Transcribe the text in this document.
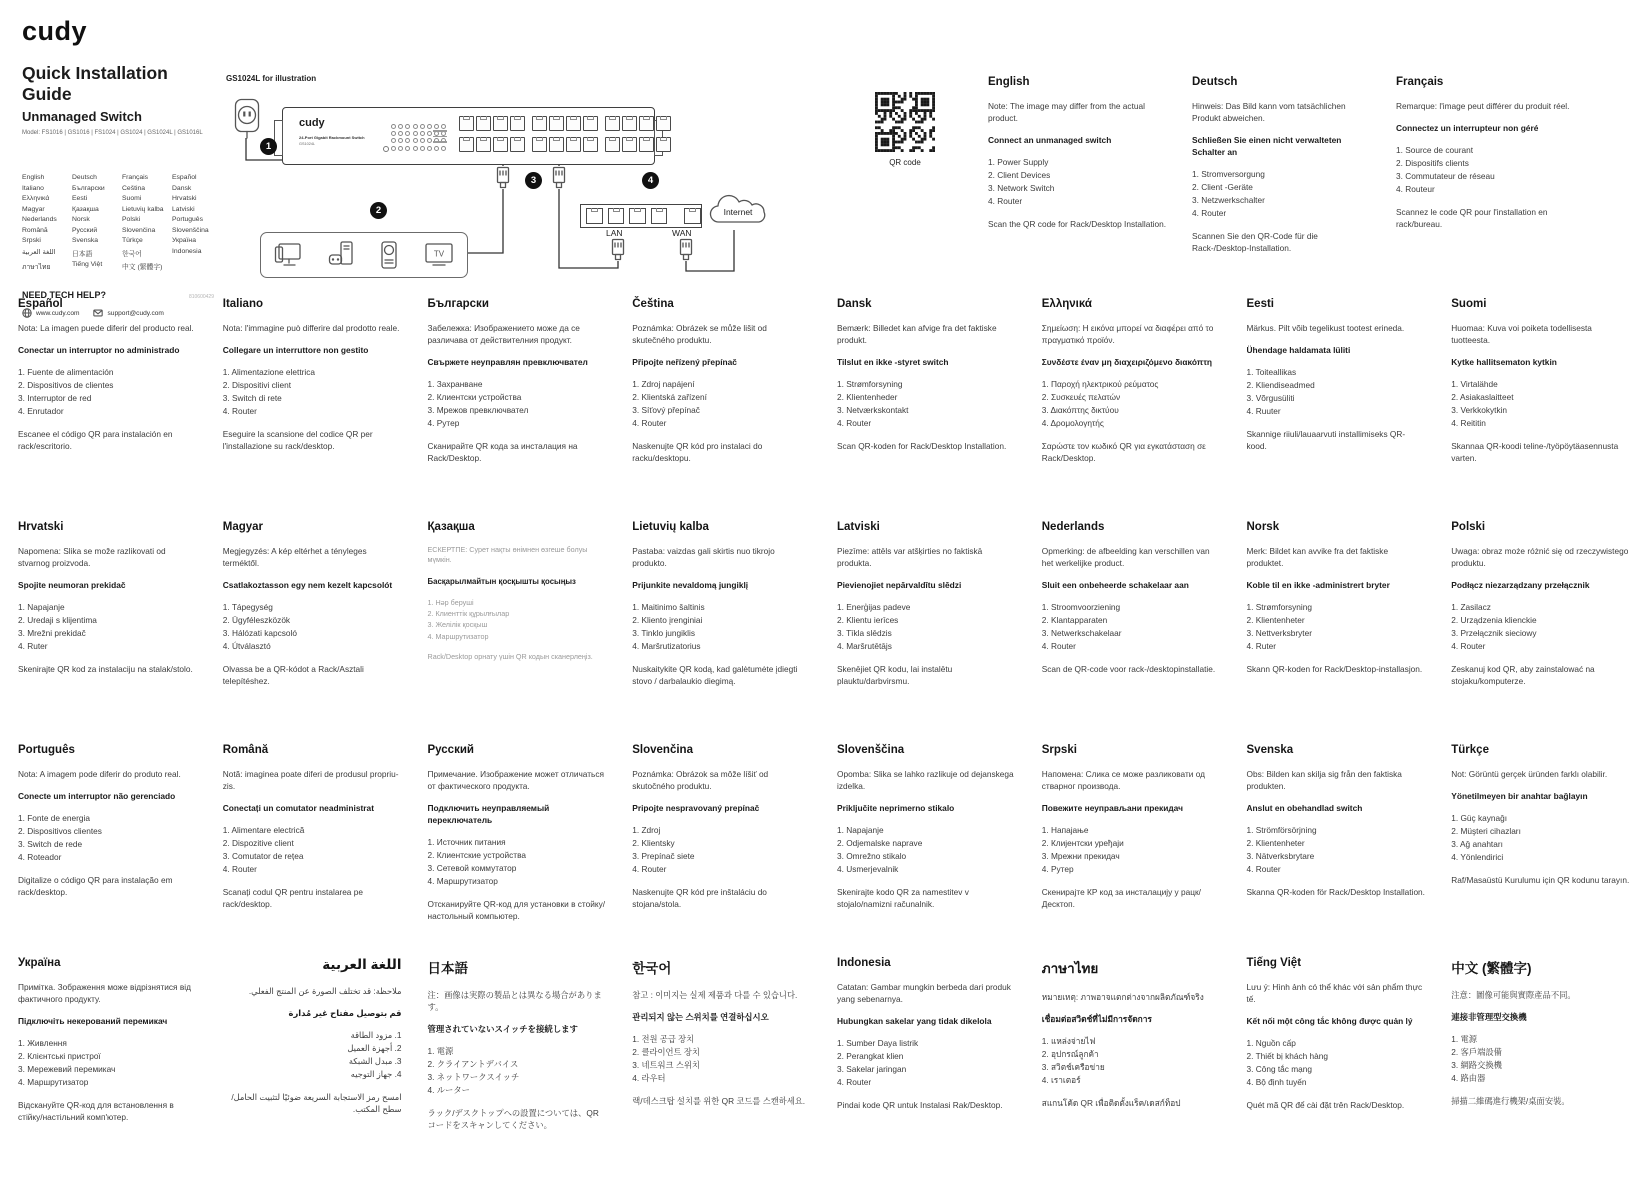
cudy
Quick Installation Guide
Unmanaged Switch
Model: FS1016 | GS1016 | FS1024 | GS1024 | GS1024L | GS1016L
English	Deutsch	Français	Español
Italiano	Български	Čeština	Dansk
Ελληνικά	Eesti	Suomi	Hrvatski
Magyar	Қазақша	Lietuvių kalba	Latviski
Nederlands	Norsk	Polski	Português
Română	Русский	Slovenčina	Slovenščina
Srpski	Svenska	Türkçe	Україна
اللغة العربية	日本語	한국어	Indonesia
ภาษาไทย	Tiếng Việt	中文 (繁體字)
NEED TECH HELP?	810600429
www.cudy.com	support@cudy.com
GS1024L for illustration
cudy
24-Port Gigabit Rackmount Switch
GS1024L
1
2
3	4
TV
LAN	WAN
Internet
QR code
English

Note: The image may differ from the actual product.

Connect an unmanaged switch

1. Power Supply
2. Client Devices
3. Network Switch
4. Router

Scan the QR code for Rack/Desktop Installation.

Deutsch

Hinweis: Das Bild kann vom tatsächlichen Produkt abweichen.

Schließen Sie einen nicht verwalteten Schalter an

1. Stromversorgung
2. Client -Geräte
3. Netzwerkschalter
4. Router

Scannen Sie den QR-Code für die Rack-/Desktop-Installation.

Français

Remarque: l'image peut différer du produit réel.

Connectez un interrupteur non géré

1. Source de courant
2. Dispositifs clients
3. Commutateur de réseau
4. Routeur

Scannez le code QR pour l'installation en rack/bureau.

Español

Nota: La imagen puede diferir del producto real.

Conectar un interruptor no administrado

1. Fuente de alimentación
2. Dispositivos de clientes
3. Interruptor de red
4. Enrutador

Escanee el código QR para instalación en rack/escritorio.

Italiano

Nota: l'immagine può differire dal prodotto reale.

Collegare un interruttore non gestito

1. Alimentazione elettrica
2. Dispositivi client
3. Switch di rete
4. Router

Eseguire la scansione del codice QR per l'installazione su rack/desktop.

Български

Забележка: Изображението може да се различава от действителния продукт.

Свържете неуправлян превключвател

1. Захранване
2. Клиентски устройства
3. Мрежов превключвател
4. Рутер

Сканирайте QR кода за инсталация на Rack/Desktop.

Čeština

Poznámka: Obrázek se může lišit od skutečného produktu.

Připojte neřízený přepínač

1. Zdroj napájení
2. Klientská zařízení
3. Síťový přepínač
4. Router

Naskenujte QR kód pro instalaci do racku/desktopu.

Dansk

Bemærk: Billedet kan afvige fra det faktiske produkt.

Tilslut en ikke -styret switch

1. Strømforsyning
2. Klientenheder
3. Netværkskontakt
4. Router

Scan QR-koden for Rack/Desktop Installation.

Ελληνικά

Σημείωση: Η εικόνα μπορεί να διαφέρει από το πραγματικό προϊόν.

Συνδέστε έναν μη διαχειριζόμενο διακόπτη

1. Παροχή ηλεκτρικού ρεύματος
2. Συσκευές πελατών
3. Διακόπτης δικτύου
4. Δρομολογητής

Σαρώστε τον κωδικό QR για εγκατάσταση σε Rack/Desktop.

Eesti

Märkus. Pilt võib tegelikust tootest erineda.

Ühendage haldamata lüliti

1. Toiteallikas
2. Kliendiseadmed
3. Võrgusüliti
4. Ruuter

Skannige riiuli/lauaarvuti installimiseks QR-kood.

Suomi

Huomaa: Kuva voi poiketa todellisesta tuotteesta.

Kytke hallitsematon kytkin

1. Virtalähde
2. Asiakaslaitteet
3. Verkkokytkin
4. Reititin

Skannaa QR-koodi teline-/työpöytäasennusta varten.

Hrvatski

Napomena: Slika se može razlikovati od stvarnog proizvoda.

Spojite neumoran prekidač

1. Napajanje
2. Uredaji s klijentima
3. Mrežni prekidač
4. Ruter

Skenirajte QR kod za instalaciju na stalak/stolo.

Magyar

Megjegyzés: A kép eltérhet a tényleges terméktől.

Csatlakoztasson egy nem kezelt kapcsolót

1. Tápegység
2. Ügyféleszközök
3. Hálózati kapcsoló
4. Útválasztó

Olvassa be a QR-kódot a Rack/Asztali telepítéshez.

Қазақша

ЕСКЕРТПЕ: Сурет нақты өнімнен өзгеше болуы мүмкін.

Басқарылмайтын қосқышты қосыңыз

1. Нәр беруші
2. Клиенттік құрылғылар
3. Желілік қосқыш
4. Маршрутизатор

Rack/Desktop орнату үшін QR кодын сканерлеңіз.

Lietuvių kalba

Pastaba: vaizdas gali skirtis nuo tikrojo produkto.

Prijunkite nevaldomą jungiklį

1. Maitinimo šaltinis
2. Kliento įrenginiai
3. Tinklo jungiklis
4. Maršrutizatorius

Nuskaitykite QR kodą, kad galėtumėte įdiegti stovo / darbalaukio diegimą.

Latviski

Piezīme: attēls var atšķirties no faktiskā produkta.

Pievienojiet nepārvaldītu slēdzi

1. Enerģijas padeve
2. Klientu ierīces
3. Tīkla slēdzis
4. Maršrutētājs

Skenējiet QR kodu, lai instalētu plauktu/darbvirsmu.

Nederlands

Opmerking: de afbeelding kan verschillen van het werkelijke product.

Sluit een onbeheerde schakelaar aan

1. Stroomvoorziening
2. Klantapparaten
3. Netwerkschakelaar
4. Router

Scan de QR-code voor rack-/desktopinstallatie.

Norsk

Merk: Bildet kan avvike fra det faktiske produktet.

Koble til en ikke -administrert bryter

1. Strømforsyning
2. Klientenheter
3. Nettverksbryter
4. Ruter

Skann QR-koden for Rack/Desktop-installasjon.

Polski

Uwaga: obraz może różnić się od rzeczywistego produktu.

Podłącz niezarządzany przełącznik

1. Zasilacz
2. Urządzenia klienckie
3. Przełącznik sieciowy
4. Router

Zeskanuj kod QR, aby zainstalować na stojaku/komputerze.

Português

Nota: A imagem pode diferir do produto real.

Conecte um interruptor não gerenciado

1. Fonte de energia
2. Dispositivos clientes
3. Switch de rede
4. Roteador

Digitalize o código QR para instalação em rack/desktop.

Română

Notă: imaginea poate diferi de produsul propriu-zis.

Conectați un comutator neadministrat

1. Alimentare electrică
2. Dispozitive client
3. Comutator de rețea
4. Router

Scanați codul QR pentru instalarea pe rack/desktop.

Русский

Примечание. Изображение может отличаться от фактического продукта.

Подключить неуправляемый переключатель

1. Источник питания
2. Клиентские устройства
3. Сетевой коммутатор
4. Маршрутизатор

Отсканируйте QR-код для установки в стойку/настольный компьютер.

Slovenčina

Poznámka: Obrázok sa môže líšiť od skutočného produktu.

Pripojte nespravovaný prepínač

1. Zdroj
2. Klientsky
3. Prepínač siete
4. Router

Naskenujte QR kód pre inštaláciu do stojana/stola.

Slovenščina

Opomba: Slika se lahko razlikuje od dejanskega izdelka.

Priključite neprimerno stikalo

1. Napajanje
2. Odjemalske naprave
3. Omrežno stikalo
4. Usmerjevalnik

Skenirajte kodo QR za namestitev v stojalo/namizni računalnik.

Srpski

Напомена: Слика се може разликовати од стварног производа.

Повежите неуправљани прекидач

1. Напајање
2. Клијентски уређаји
3. Мрежни прекидач
4. Рутер

Скенирајте КР код за инсталацију у рацк/Десктоп.

Svenska

Obs: Bilden kan skilja sig från den faktiska produkten.

Anslut en obehandlad switch

1. Strömförsörjning
2. Klientenheter
3. Nätverksbrytare
4. Router

Skanna QR-koden för Rack/Desktop Installation.

Türkçe

Not: Görüntü gerçek üründen farklı olabilir.

Yönetilmeyen bir anahtar bağlayın

1. Güç kaynağı
2. Müşteri cihazları
3. Ağ anahtarı
4. Yönlendirici

Raf/Masaüstü Kurulumu için QR kodunu tarayın.

Україна

Примітка. Зображення може відрізнятися від фактичного продукту.

Підключіть некерований перемикач

1. Живлення
2. Клієнтські пристрої
3. Мережевий перемикач
4. Маршрутизатор

Відскануйте QR-код для встановлення в стійку/настільний комп'ютер.

اللغة العربية

ملاحظة: قد تختلف الصورة عن المنتج الفعلي.

قم بتوصيل مفتاح غير مُدارة

1. مزود الطاقة
2. أجهزة العميل
3. مبدل الشبكة
4. جهاز التوجيه

امسح رمز الاستجابة السريعة ضوئيًا لتثبيت الحامل/سطح المكتب.

日本語

注：画像は実際の製品とは異なる場合があります。

管理されていないスイッチを接続します

1. 電源
2. クライアントデバイス
3. ネットワークスイッチ
4. ルーター

ラック/デスクトップへの設置については、QRコードをスキャンしてください。

한국어

참고 : 이미지는 실제 제품과 다를 수 있습니다.

관리되지 않는 스위치를 연결하십시오

1. 전원 공급 장치
2. 클라이언트 장치
3. 네트워크 스위치
4. 라우터

랙/데스크탑 설치를 위한 QR 코드를 스캔하세요.

Indonesia

Catatan: Gambar mungkin berbeda dari produk yang sebenarnya.

Hubungkan sakelar yang tidak dikelola

1. Sumber Daya listrik
2. Perangkat klien
3. Sakelar jaringan
4. Router

Pindai kode QR untuk Instalasi Rak/Desktop.

ภาษาไทย

หมายเหตุ: ภาพอาจแตกต่างจากผลิตภัณฑ์จริง

เชื่อมต่อสวิตช์ที่ไม่มีการจัดการ

1. แหล่งจ่ายไฟ
2. อุปกรณ์ลูกค้า
3. สวิตช์เครือข่าย
4. เราเตอร์

สแกนโค้ด QR เพื่อติดตั้งแร็ค/เดสก์ท็อป

Tiếng Việt

Lưu ý: Hình ảnh có thể khác với sản phẩm thực tế.

Kết nối một công tắc không được quản lý

1. Nguồn cấp
2. Thiết bị khách hàng
3. Công tắc mạng
4. Bộ định tuyến

Quét mã QR để cài đặt trên Rack/Desktop.

中文 (繁體字)

注意：圖像可能與實際產品不同。

連接非管理型交換機

1. 電源
2. 客戶端設備
3. 網路交換機
4. 路由器

掃描二維碼進行機架/桌面安裝。
